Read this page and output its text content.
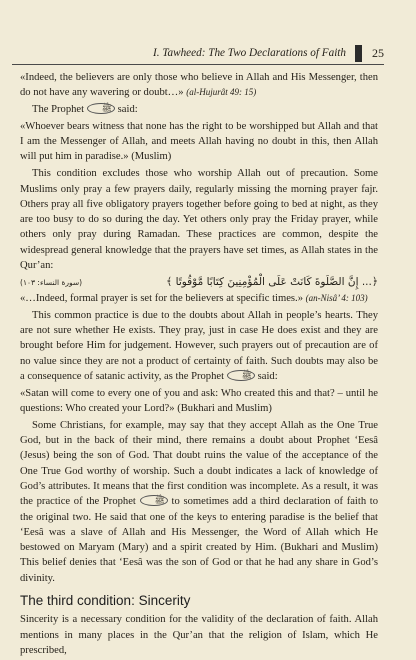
I. Tawheed: The Two Declarations of Faith 25

«Indeed, the believers are only those who believe in Allah and His Messenger, then do not have any wavering or doubt…» (al-Hujurât 49: 15)

The Prophet ﷺ said:

«Whoever bears witness that none has the right to be worshipped but Allah and that I am the Messenger of Allah, and meets Allah having no doubt in this, then Allah will put him in paradise.» (Muslim)

This condition excludes those who worship Allah out of precaution. Some Muslims only pray a few prayers daily, regularly missing the morning prayer fajr. Others pray all five obligatory prayers together before going to bed at night, as they are too busy to do so during the day. Yet others only pray the Friday prayer, while others only pray during Ramadan. These practices are common, despite the widespread general knowledge that the prayers have set times, as Allah states in the Qur’an:

(سورة النساء: ١٠٣)	﴿... إِنَّ الصَّلَوةَ كَانَتْ عَلَى الْمُؤْمِنِينَ كِتَابًا مَّوْقُوتًا ﴾

«…Indeed, formal prayer is set for the believers at specific times.» (an-Nisâ’ 4: 103)

This common practice is due to the doubts about Allah in people’s hearts. They are not sure whether He exists. They pray, just in case He does exist and they are brought before Him for judgement. However, such prayers out of precaution are of no value since they are not a product of certainty of faith. Such doubts may also be a consequence of satanic activity, as the Prophet ﷺ said:

«Satan will come to every one of you and ask: Who created this and that? – until he questions: Who created your Lord?» (Bukhari and Muslim)

Some Christians, for example, may say that they accept Allah as the One True God, but in the back of their mind, there remains a doubt about Prophet ‘Eesâ (Jesus) being the son of God. That doubt ruins the value of the acceptance of the One True God worthy of worship. Such a doubt indicates a lack of knowledge of God’s attributes. It means that the first condition was incomplete. As a result, it was the practice of the Prophet ﷺ to sometimes add a third declaration of faith to the original two. He said that one of the keys to entering paradise is the belief that ‘Eesâ was a slave of Allah and His Messenger, the Word of Allah which He bestowed on Maryam (Mary) and a spirit created by Him. (Bukhari and Muslim) This belief denies that ‘Eesâ was the son of God or that he had any share in God’s divinity.

The third condition: Sincerity

Sincerity is a necessary condition for the validity of the declaration of faith. Allah mentions in many places in the Qur’an that the religion of Islam, which He prescribed,
